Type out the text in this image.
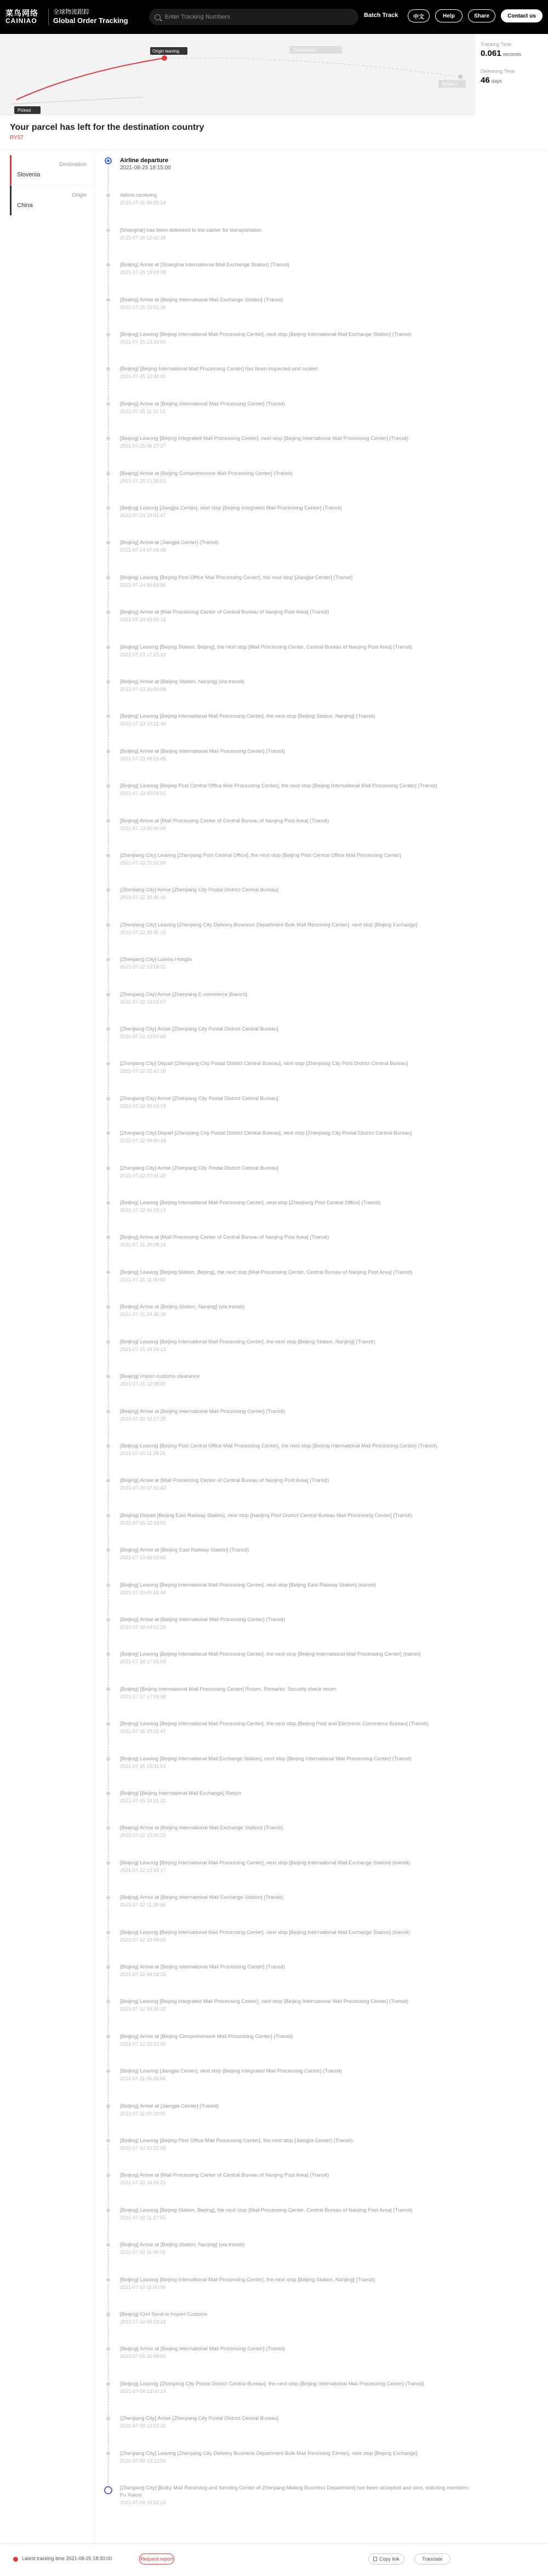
菜鸟网络
CAINIAO
全球物流跟踪
Global Order Tracking	Enter Tracking Numbers	Batch Track	中文	Help	Share	Contact us
Picked
Origin leaving	Destination
Delivery
Tracking Time
0.061 seconds
Delivering Time
46 days
Your parcel has left for the destination country
RY57
Destination
Slovenia
Origin
China
Airline departure
2021-08-25 18:15:00
Airline receiving
2021-07-31 06:26:24
[Shanghai] has been delivered to the carrier for transportation
2021-07-30 12:42:15
[Beijing] Arrive at [Shanghai International Mail Exchange Station] (Transit)
2021-07-29 19:09:08
[Beijing] Arrive at [Beijing International Mail Exchange Station] (Transit)
2021-07-25 15:51:06
[Beijing] Leaving [Beijing International Mail Processing Center], next stop [Beijing International Mail Exchange Station] (Transit)
2021-07-25 13:33:04
[Beijing] [Beijing International Mail Processing Center] has been inspected and sealed
2021-07-25 12:48:02
[Beijing] Arrive at [Beijing International Mail Processing Center] (Transit)
2021-07-25 11:11:13
[Beijing] Leaving [Beijing Integrated Mail Processing Center], next stop [Beijing International Mail Processing Center] (Transit)
2021-07-25 06:27:37
[Beijing] Arrive at [Beijing Comprehensive Mail Processing Center] (Transit)
2021-07-25 01:35:52
[Beijing] Leaving [Jiangjia Center], next stop [Beijing Integrated Mail Processing Center] (Transit)
2021-07-24 20:41:47
[Beijing] Arrive at [Jiangjia Center] (Transit)
2021-07-24 07:04:08
[Beijing] Leaving [Beijing Post Office Mail Processing Center], the next stop [Jiangjia Center] (Transit)
2021-07-24 05:59:56
[Beijing] Arrive at [Mail Processing Center of Central Bureau of Nanjing Post Area] (Transit)
2021-07-24 03:59:12
[Beijing] Leaving [Beijing Station, Beijing], the next stop [Mail Processing Center, Central Bureau of Nanjing Post Area] (Transit)
2021-07-23 17:15:10
[Beijing] Arrive at [Beijing Station, Nanjing] (via transit)
2021-07-23 16:59:58
[Beijing] Leaving [Beijing International Mail Processing Center], the next stop [Beijing Station, Nanjing] (Transit)
2021-07-23 10:21:46
[Beijing] Arrive at [Beijing International Mail Processing Center] (Transit)
2021-07-23 08:56:05
[Beijing] Leaving [Beijing Post Central Office Mail Processing Center], the next stop [Beijing International Mail Processing Center] (Transit)
2021-07-23 05:09:52
[Beijing] Arrive at [Mail Processing Center of Central Bureau of Nanjing Post Area] (Transit)
2021-07-23 00:00:00
[Zhenjiang City] Leaving [Zhenjiang Post Central Office], the next stop [Beijing Post Central Office Mail Processing Center]
2021-07-22 22:02:09
[Zhenjiang City] Arrive [Zhenjiang City Postal District Central Bureau]
2021-07-22 20:46:10
[Zhenjiang City] Leaving [Zhenjiang City Delivery Business Department Bulk Mail Receiving Center], next stop [Beijing Exchange]
2021-07-22 20:45:15
[Zhenjiang City] Lamou Hongfa
2021-07-22 13:58:01
[Zhenjiang City] Arrive [Zhenjiang E-commerce Branch]
2021-07-22 13:51:07
[Zhenjiang City] Arrive [Zhenjiang City Postal District Central Bureau]
2021-07-22 10:57:00
[Zhenjiang City] Depart [Zhenjiang City Postal District Central Bureau], next stop [Zhenjiang City Post District Central Bureau]
2021-07-22 02:43:10
[Zhenjiang City] Arrive [Zhenjiang City Postal District Central Bureau]
2021-07-22 00:04:19
[Zhenjiang City] Depart [Zhenjiang City Postal District Central Bureau], next stop [Zhenjiang City Postal District Central Bureau]
2021-07-22 00:40:18
[Zhenjiang City] Arrive [Zhenjiang City Postal District Central Bureau]
2021-07-22 07:51:20
[Beijing] Leaving [Beijing International Mail Processing Center], next stop [Zhenjiang Post Central Office] (Transit)
2021-07-22 00:18:13
[Beijing] Arrive at [Mail Processing Center of Central Bureau of Nanjing Post Area] (Transit)
2021-07-21 20:08:19
[Beijing] Leaving [Beijing Station, Beijing], the next stop [Mail Processing Center, Central Bureau of Nanjing Post Area] (Transit)
2021-07-21 11:00:00
[Beijing] Arrive at [Beijing Station, Nanjing] (via transit)
2021-07-21 10:45:38
[Beijing] Leaving [Beijing International Mail Processing Center], the next stop [Beijing Station, Nanjing] (Transit)
2021-07-21 10:29:13
[Beijing] Import customs clearance
2021-07-21 12:08:00
[Beijing] Arrive at [Beijing International Mail Processing Center] (Transit)
2021-07-20 10:17:25
[Beijing] Leaving [Beijing Post Central Office Mail Processing Center], the next stop [Beijing International Mail Processing Center] (Transit)
2021-07-20 11:28:26
[Beijing] Arrive at [Mail Processing Center of Central Bureau of Nanjing Post Area] (Transit)
2021-07-20 07:51:42
[Beijing] Depart [Beijing East Railway Station], next stop [Nanjing Post District Central Bureau Mail Processing Center] (Transit)
2021-07-19 22:33:55
[Beijing] Arrive at [Beijing East Railway Station] (Transit)
2021-07-19 06:53:55
[Beijing] Leaving [Beijing International Mail Processing Center], next stop [Beijing East Railway Station] (transit)
2021-07-19 05:26:44
[Beijing] Arrive at [Beijing International Mail Processing Center] (Transit)
2021-07-18 04:02:25
[Beijing] Leaving [Beijing International Mail Processing Center], the next stop [Beijing International Mail Processing Center] (transit)
2021-07-18 17:55:03
[Beijing] [Beijing International Mail Processing Center] Return, Remarks: Security check return
2021-07-17 17:05:58
[Beijing] Leaving [Beijing International Mail Processing Center], the next stop [Beijing Post and Electronic Commerce Bureau] (Transit)
2021-07-16 20:01:47
[Beijing] Leaving [Beijing International Mail Exchange Station], next stop [Beijing International Mail Processing Center] (Transit)
2021-07-15 15:31:54
[Beijing] [Beijing International Mail Exchange] Return
2021-07-15 10:21:31
[Beijing] Arrive at [Beijing International Mail Exchange Station] (Transit)
2021-07-12 15:00:23
[Beijing] Leaving [Beijing International Mail Processing Center], next stop [Beijing International Mail Exchange Station] (transit)
2021-07-12 13:53:17
[Beijing] Arrive at [Beijing International Mail Exchange Station] (Transit)
2021-07-12 11:30:58
[Beijing] Leaving [Beijing International Mail Processing Center], next stop [Beijing International Mail Exchange Station] (transit)
2021-07-12 10:09:05
[Beijing] Arrive at [Beijing International Mail Processing Center] (Transit)
2021-07-12 09:08:15
[Beijing] Leaving [Beijing Integrated Mail Processing Center], next stop [Beijing International Mail Processing Center] (Transit)
2021-07-12 08:20:32
[Beijing] Arrive at [Beijing Comprehensive Mail Processing Center] (Transit)
2021-07-12 02:23:49
[Beijing] Leaving [Jiangjia Center], next stop [Beijing Integrated Mail Processing Center] (Transit)
2021-07-11 06:26:54
[Beijing] Arrive at [Jiangjia Center] (Transit)
2021-07-11 00:20:05
[Beijing] Leaving [Beijing Post Office Mail Processing Center], the next stop [Jiangjia Center] (Transit)
2021-07-10 23:22:05
[Beijing] Arrive at [Mail Processing Center of Central Bureau of Nanjing Post Area] (Transit)
2021-07-10 16:55:21
[Beijing] Leaving [Beijing Station, Beijing], the next stop [Mail Processing Center, Central Bureau of Nanjing Post Area] (Transit)
2021-07-10 11:17:55
[Beijing] Arrive at [Beijing Station, Nanjing] (via transit)
2021-07-10 11:09:01
[Beijing] Leaving [Beijing International Mail Processing Center], the next stop [Beijing Station, Nanjing] (Transit)
2021-07-10 11:00:09
[Beijing] Civil Send to Import Customs
2021-07-10 09:03:24
[Beijing] Arrive at [Beijing International Mail Processing Center] (Transit)
2021-07-09 16:09:50
[Beijing] Leaving [Zhenjiang City Postal District Central Bureau], the next stop [Beijing International Mail Processing Center] (Transit)
2021-07-09 13:00:14
[Zhenjiang City] Arrive [Zhenjiang City Postal District Central Bureau]
2021-07-09 12:02:22
[Zhenjiang City] Leaving [Zhenjiang City Delivery Business Department Bulk Mail Receiving Center], next stop [Beijing Exchange]
2021-07-09 13:22:04
[Zhenjiang City] [Bulky Mail Receiving and Sending Center of Zhenjiang Mailing Business Department] has been accepted and sent, soliciting members: Fu Xiaoxi
2021-07-09 10:12:23
Latest tracking time 2021-08-25 18:30:00	Request report	Copy link	Translate
